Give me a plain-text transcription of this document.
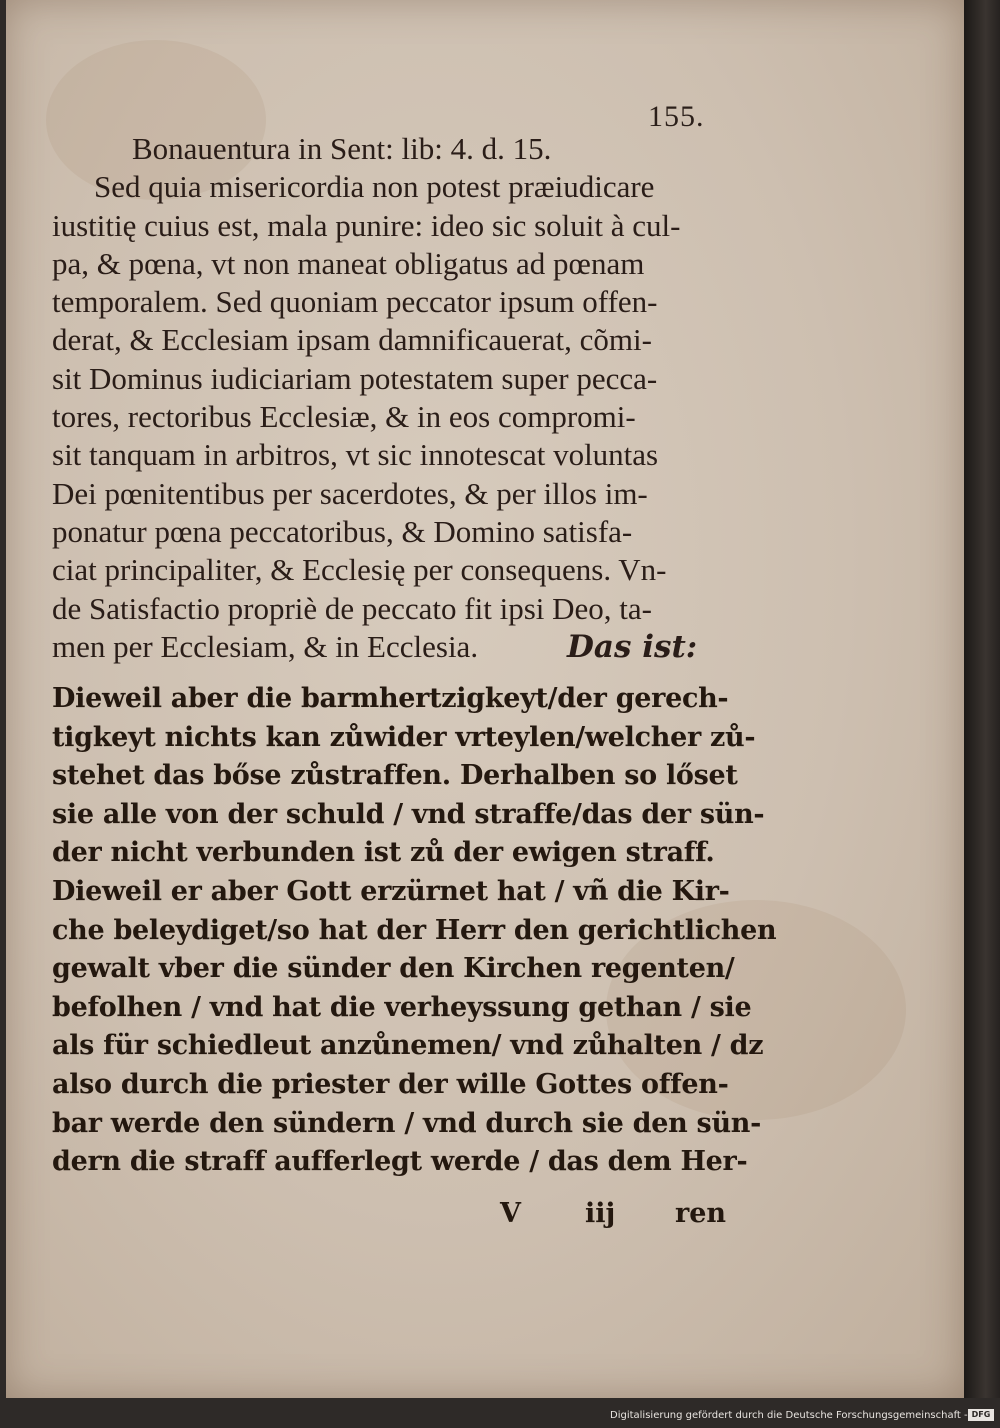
155.
Bonauentura in Sent: lib: 4. d. 15.
Sed quia misericordia non potest præiudicare
iustitię cuius est, mala punire: ideo sic soluit à cul-
pa, & pœna, vt non maneat obligatus ad pœnam
temporalem. Sed quoniam peccator ipsum offen-
derat, & Ecclesiam ipsam damnificauerat, cõmi-
sit Dominus iudiciariam potestatem super pecca-
tores, rectoribus Ecclesiæ, & in eos compromi-
sit tanquam in arbitros, vt sic innotescat voluntas
Dei pœnitentibus per sacerdotes, & per illos im-
ponatur pœna peccatoribus, & Domino satisfa-
ciat principaliter, & Ecclesię per consequens. Vn-
de Satisfactio propriè de peccato fit ipsi Deo, ta-
men per Ecclesiam, & in Ecclesia.	Das ist:
Dieweil aber die barmhertzigkeyt/der gerech-
tigkeyt nichts kan zůwider vrteylen/welcher zů-
stehet das bőse zůstraffen. Derhalben so lőset
sie alle von der schuld / vnd straffe/das der sün-
der nicht verbunden ist zů der ewigen straff.
Dieweil er aber Gott erzürnet hat / vñ die Kir-
che beleydiget/so hat der Herr den gerichtlichen
gewalt vber die sünder den Kirchen regenten/
befolhen / vnd hat die verheyssung gethan / sie
als für schiedleut anzůnemen/ vnd zůhalten / dz
also durch die priester der wille Gottes offen-
bar werde den sündern / vnd durch sie den sün-
dern die straff aufferlegt werde / das dem Her-
V iij ren
Digitalisierung gefördert durch die Deutsche Forschungsgemeinschaft - DFG
